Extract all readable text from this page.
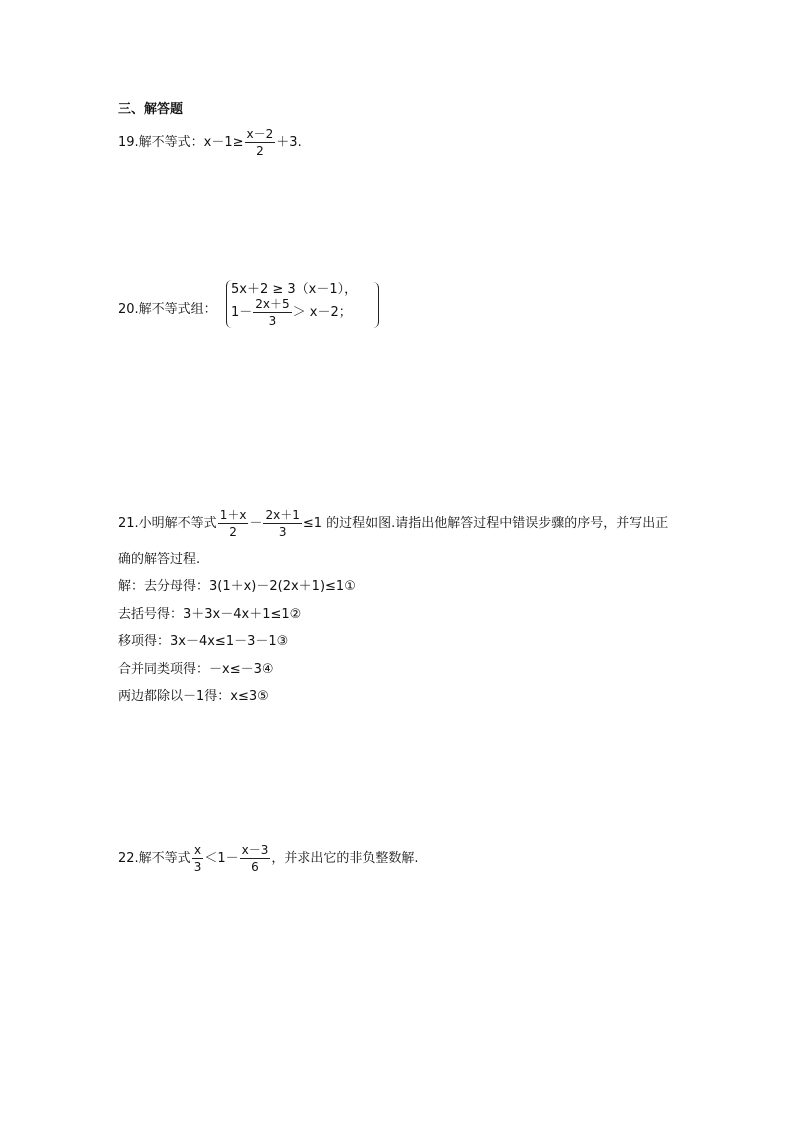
三、解答题
19.解不等式：$x-1\ge \frac{x-2}{2} +3$.
20.解不等式组：
5x＋2 ≥ 3（x－1），
$1- \frac{2x+5}{3} > x-2$；
21.小明解不等式 $\frac{1+x}{2} - \frac{2x+1}{3} \le 1$ 的过程如图.请指出他解答过程中错误步骤的序号，并写出正
确的解答过程.
解：去分母得：3(1＋x)－2(2x＋1)≤1①
去括号得：3＋3x－4x＋1≤1②
移项得：3x－4x≤1－3－1③
合并同类项得：－x≤－3④
两边都除以－1得：x≤3⑤
22.解不等式 $\frac{x}{3} <1- \frac{x-3}{6}$ ，并求出它的非负整数解.
